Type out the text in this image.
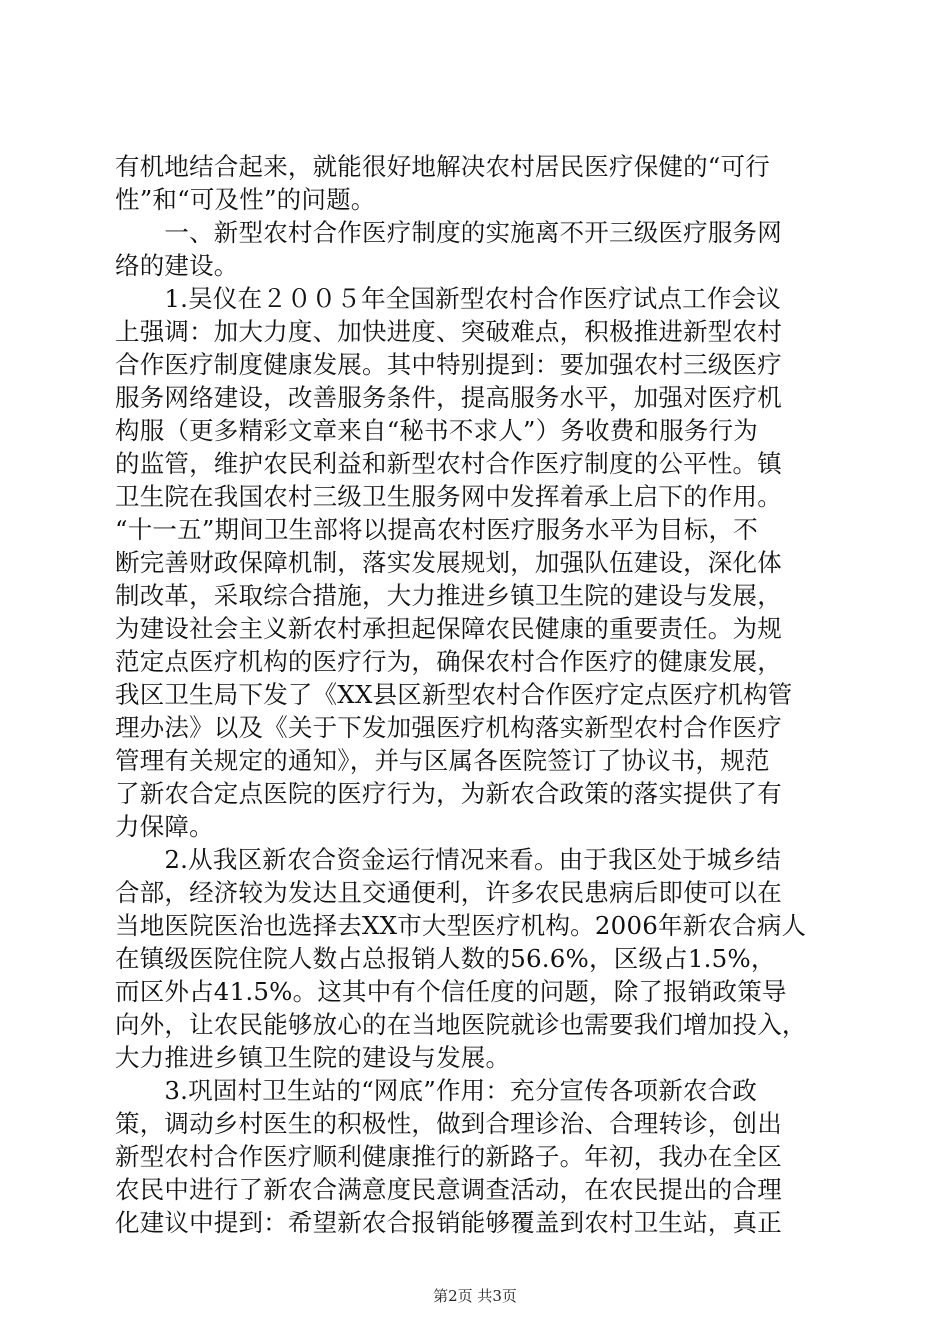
有机地结合起来，就能很好地解决农村居民医疗保健的“可行
性”和“可及性”的问题。
　　一、新型农村合作医疗制度的实施离不开三级医疗服务网
络的建设。
　　1.吴仪在２００５年全国新型农村合作医疗试点工作会议
上强调：加大力度、加快进度、突破难点，积极推进新型农村
合作医疗制度健康发展。其中特别提到：要加强农村三级医疗
服务网络建设，改善服务条件，提高服务水平，加强对医疗机
构服（更多精彩文章来自“秘书不求人”）务收费和服务行为
的监管，维护农民利益和新型农村合作医疗制度的公平性。镇
卫生院在我国农村三级卫生服务网中发挥着承上启下的作用。
“十一五”期间卫生部将以提高农村医疗服务水平为目标，不
断完善财政保障机制，落实发展规划，加强队伍建设，深化体
制改革，采取综合措施，大力推进乡镇卫生院的建设与发展，
为建设社会主义新农村承担起保障农民健康的重要责任。为规
范定点医疗机构的医疗行为，确保农村合作医疗的健康发展，
我区卫生局下发了《XX县区新型农村合作医疗定点医疗机构管
理办法》以及《关于下发加强医疗机构落实新型农村合作医疗
管理有关规定的通知》，并与区属各医院签订了协议书，规范
了新农合定点医院的医疗行为，为新农合政策的落实提供了有
力保障。
　　2.从我区新农合资金运行情况来看。由于我区处于城乡结
合部，经济较为发达且交通便利，许多农民患病后即使可以在
当地医院医治也选择去XX市大型医疗机构。2006年新农合病人
在镇级医院住院人数占总报销人数的56.6%，区级占1.5%，
而区外占41.5%。这其中有个信任度的问题，除了报销政策导
向外，让农民能够放心的在当地医院就诊也需要我们增加投入，
大力推进乡镇卫生院的建设与发展。
　　3.巩固村卫生站的“网底”作用：充分宣传各项新农合政
策，调动乡村医生的积极性，做到合理诊治、合理转诊，创出
新型农村合作医疗顺利健康推行的新路子。年初，我办在全区
农民中进行了新农合满意度民意调查活动，在农民提出的合理
化建议中提到：希望新农合报销能够覆盖到农村卫生站，真正
第2页 共3页
